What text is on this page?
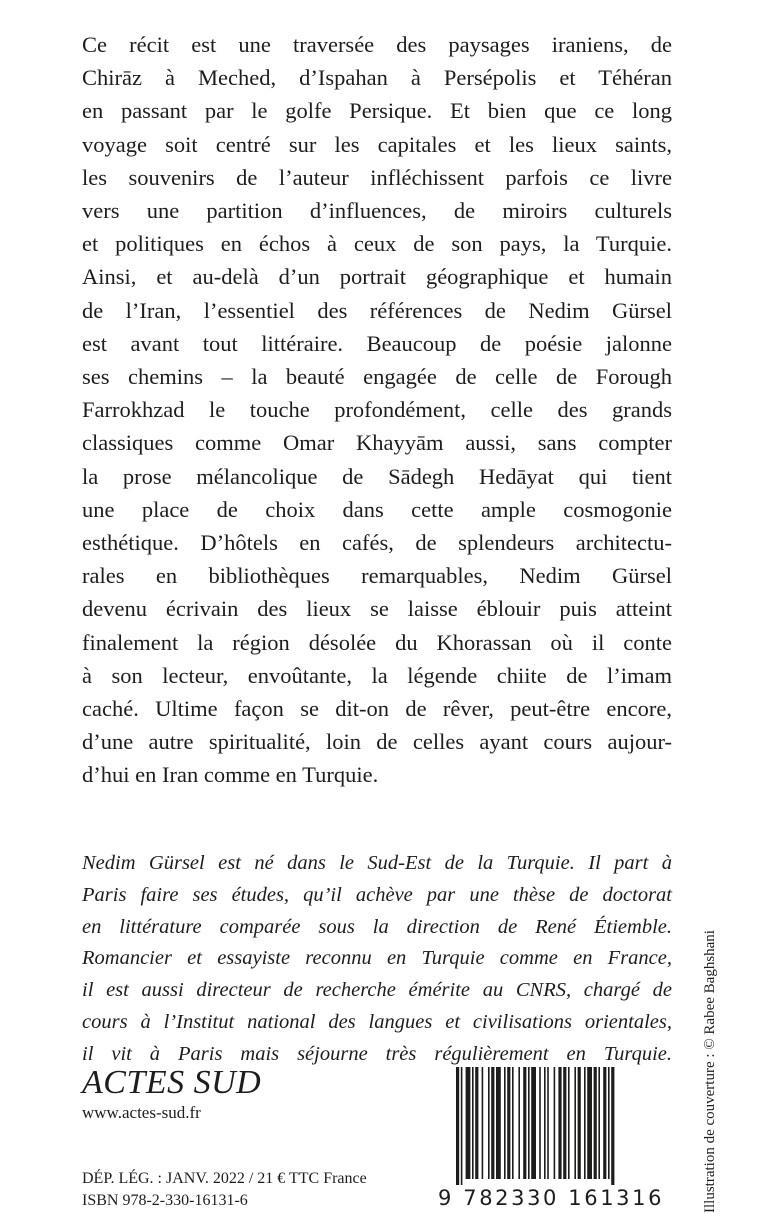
Ce récit est une traversée des paysages iraniens, de
Chirāz à Meched, d’Ispahan à Persépolis et Téhéran
en passant par le golfe Persique. Et bien que ce long
voyage soit centré sur les capitales et les lieux saints,
les souvenirs de l’auteur infléchissent parfois ce livre
vers une partition d’influences, de miroirs culturels
et politiques en échos à ceux de son pays, la Turquie.
Ainsi, et au-delà d’un portrait géographique et humain
de l’Iran, l’essentiel des références de Nedim Gürsel
est avant tout littéraire. Beaucoup de poésie jalonne
ses chemins – la beauté engagée de celle de Forough
Farrokhzad le touche profondément, celle des grands
classiques comme Omar Khayyām aussi, sans compter
la prose mélancolique de Sādegh Hedāyat qui tient
une place de choix dans cette ample cosmogonie
esthétique. D’hôtels en cafés, de splendeurs architectu-
rales en bibliothèques remarquables, Nedim Gürsel
devenu écrivain des lieux se laisse éblouir puis atteint
finalement la région désolée du Khorassan où il conte
à son lecteur, envoûtante, la légende chiite de l’imam
caché. Ultime façon se dit-on de rêver, peut-être encore,
d’une autre spiritualité, loin de celles ayant cours aujour-
d’hui en Iran comme en Turquie.

Nedim Gürsel est né dans le Sud-Est de la Turquie. Il part à
Paris faire ses études, qu’il achève par une thèse de doctorat
en littérature comparée sous la direction de René Étiemble.
Romancier et essayiste reconnu en Turquie comme en France,
il est aussi directeur de recherche émérite au CNRS, chargé de
cours à l’Institut national des langues et civilisations orientales,
il vit à Paris mais séjourne très régulièrement en Turquie.

ACTES SUD
www.actes-sud.fr
DÉP. LÉG. : JANV. 2022 / 21 € TTC France
ISBN 978-2-330-16131-6	9 782330 161316	Illustration de couverture : © Rabee Baghshani
